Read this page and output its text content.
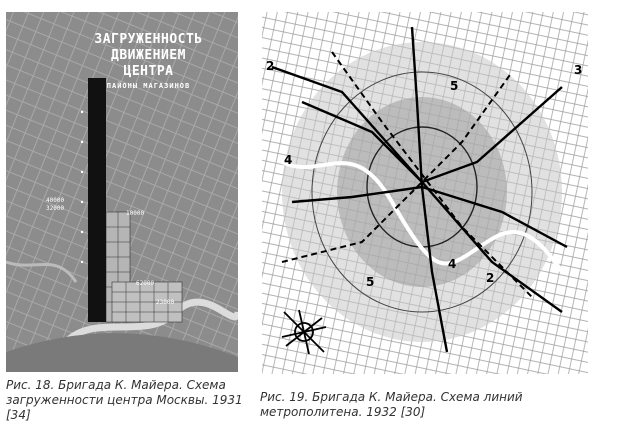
40000
32000
10000
62000
23000
ЗАГРУЖЕННОСТЬ
ДВИЖЕНИЕМ
ЦЕНТРА
ПАЙОНЫ МАГАЗИНОВ
2	3
5
4
4
2
5
Рис. 18. Бригада К. Майера. Схема загруженности центра Москвы. 1931 [34]
Рис. 19. Бригада К. Майера. Схема линий метрополитена. 1932 [30]
